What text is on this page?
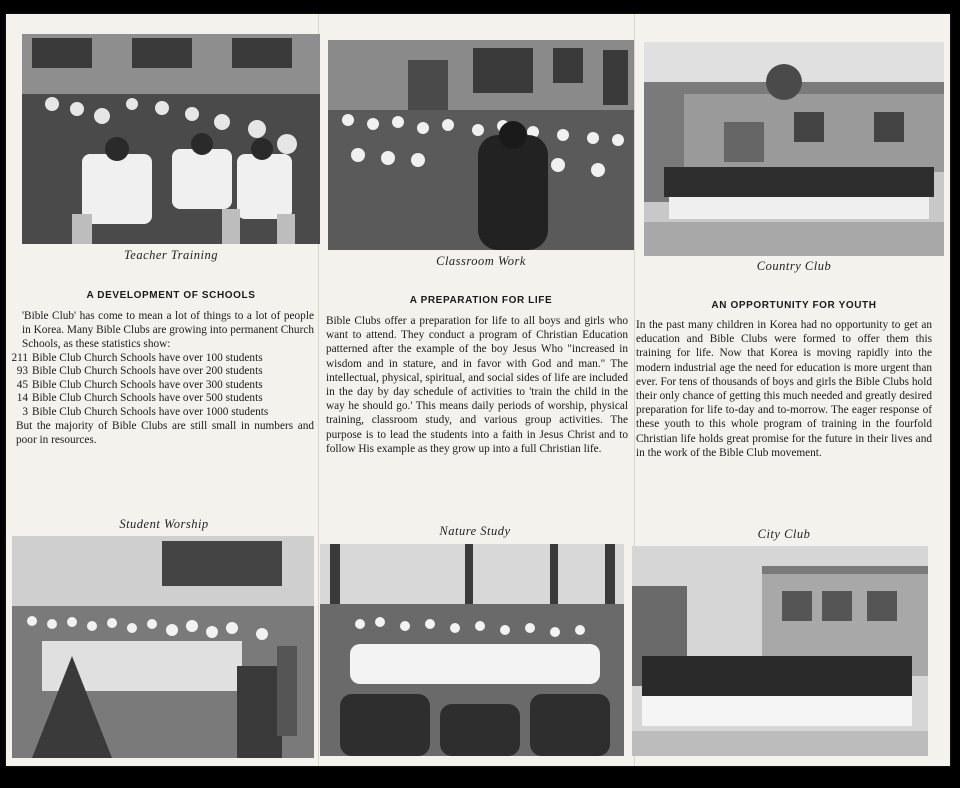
Teacher Training
A DEVELOPMENT OF SCHOOLS

'Bible Club' has come to mean a lot of things to a lot of people in Korea. Many Bible Clubs are growing into permanent Church Schools, as these statistics show:

211 Bible Club Church Schools have over 100 students
93 Bible Club Church Schools have over 200 students
45 Bible Club Church Schools have over 300 students
14 Bible Club Church Schools have over 500 students
3 Bible Club Church Schools have over 1000 students

But the majority of Bible Clubs are still small in numbers and poor in resources.

Student Worship
Classroom Work
A PREPARATION FOR LIFE

Bible Clubs offer a preparation for life to all boys and girls who want to attend. They conduct a program of Christian Education patterned after the example of the boy Jesus Who "increased in wisdom and in stature, and in favor with God and man." The intellectual, physical, spiritual, and social sides of life are included in the day by day schedule of activities to 'train the child in the way he should go.' This means daily periods of worship, physical training, classroom study, and various group activities. The purpose is to lead the students into a faith in Jesus Christ and to follow His example as they grow up into a full Christian life.

Nature Study
Country Club
AN OPPORTUNITY FOR YOUTH

In the past many children in Korea had no opportunity to get an education and Bible Clubs were formed to offer them this training for life. Now that Korea is moving rapidly into the modern industrial age the need for education is more urgent than ever. For tens of thousands of boys and girls the Bible Clubs hold their only chance of getting this much needed and greatly desired preparation for life to-day and to-morrow. The eager response of these youth to this whole program of training in the fourfold Christian life holds great promise for the future in their lives and in the work of the Bible Club movement.

City Club
